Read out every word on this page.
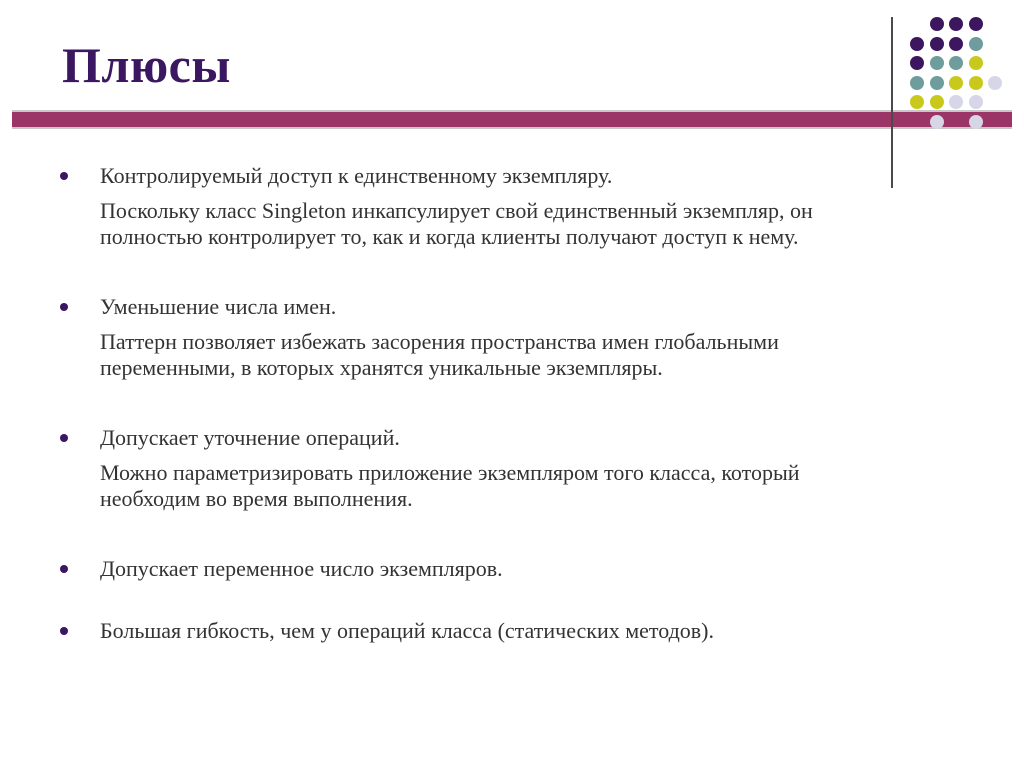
Плюсы
Контролируемый доступ к единственному экземпляру.
Поскольку класс Singleton инкапсулирует свой единственный экземпляр, он полностью контролирует то, как и когда клиенты получают доступ к нему.
Уменьшение числа имен.
Паттерн позволяет избежать засорения пространства имен глобальными переменными, в которых хранятся уникальные экземпляры.
Допускает уточнение операций.
Можно параметризировать приложение экземпляром того класса, который необходим во время выполнения.
Допускает переменное число экземпляров.
Большая гибкость, чем у операций класса (статических методов).
